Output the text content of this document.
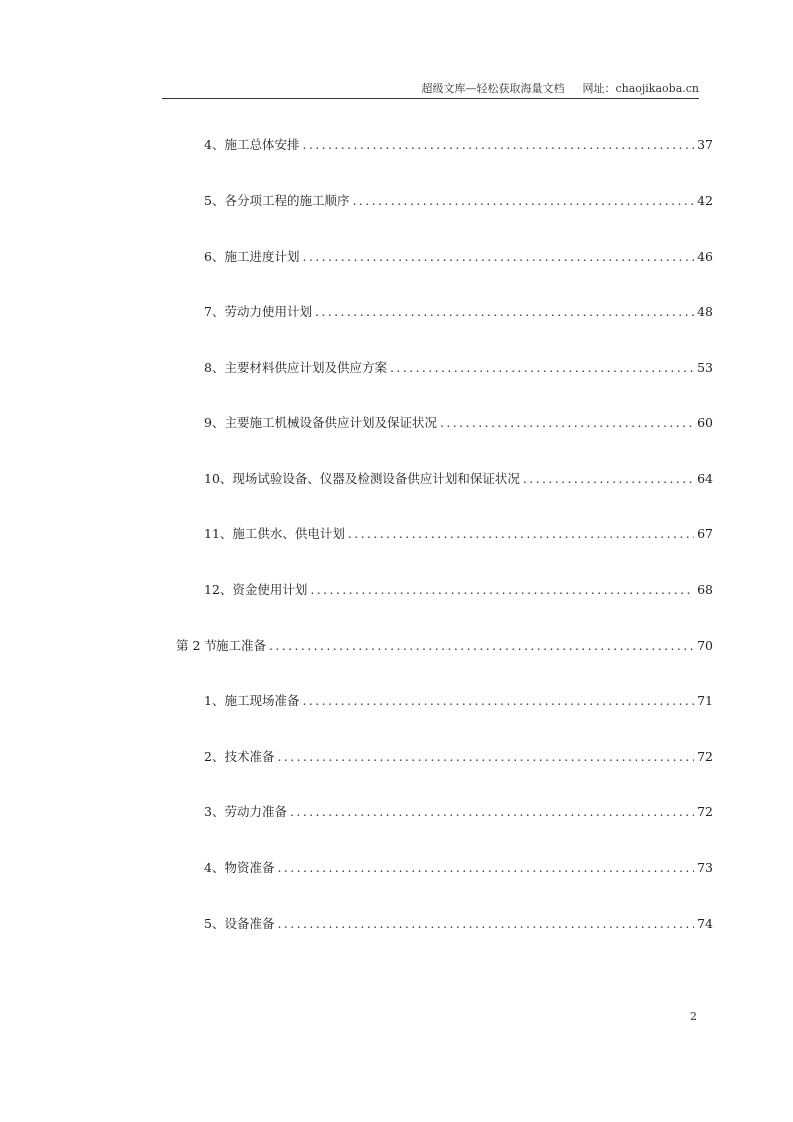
超级文库—轻松获取海量文档 网址：chaojikaoba.cn
4、 施工总体安排 .....	37
5、 各分项工程的施工顺序 .....	42
6、 施工进度计划 .....	46
7、 劳动力使用计划 .....	48
8、 主要材料供应计划及供应方案 .....	53
9、 主要施工机械设备供应计划及保证状况 .....	60
10、 现场试验设备、仪器及检测设备供应计划和保证状况 .....	64
11、 施工供水、供电计划 .....	67
12、 资金使用计划 .....	68
第 2 节 施工准备 .....	70
1、 施工现场准备 .....	71
2、 技术准备 .....	72
3、 劳动力准备 .....	72
4、 物资准备 .....	73
5、 设备准备 .....	74
2
